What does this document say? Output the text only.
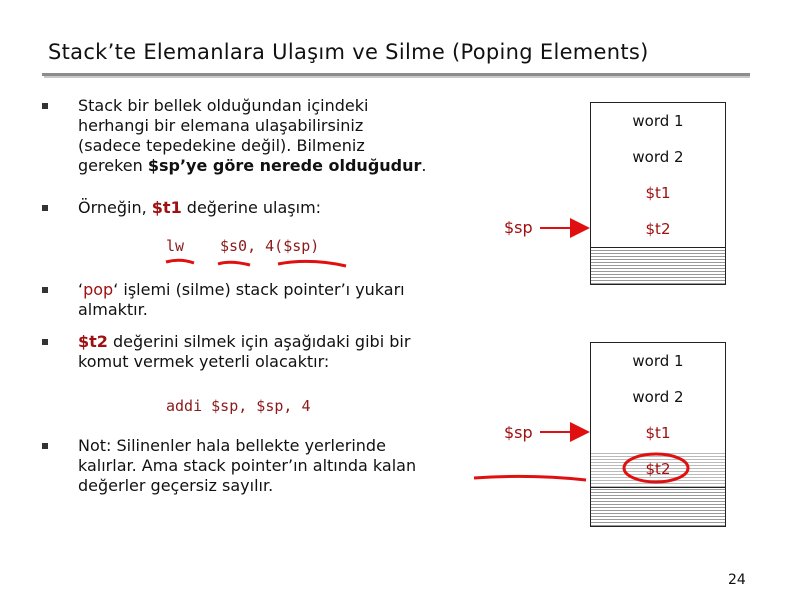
Stack’te Elemanlara Ulaşım ve Silme (Poping Elements)
Stack bir bellek olduğundan içindeki
herhangi bir elemana ulaşabilirsiniz
(sadece tepedekine değil). Bilmeniz
gereken $sp’ye göre nerede olduğudur.
Örneğin, $t1 değerine ulaşım:
lw $s0, 4($sp)
‘pop‘ işlemi (silme) stack pointer’ı yukarı
almaktır.
$t2 değerini silmek için aşağıdaki gibi bir
komut vermek yeterli olacaktır:
addi $sp, $sp, 4
Not: Silinenler hala bellekte yerlerinde
kalırlar. Ama stack pointer’ın altında kalan
değerler geçersiz sayılır.
word 1
word 2
$t1
$t2
$sp
word 1
word 2
$t1
$t2
$sp
24
